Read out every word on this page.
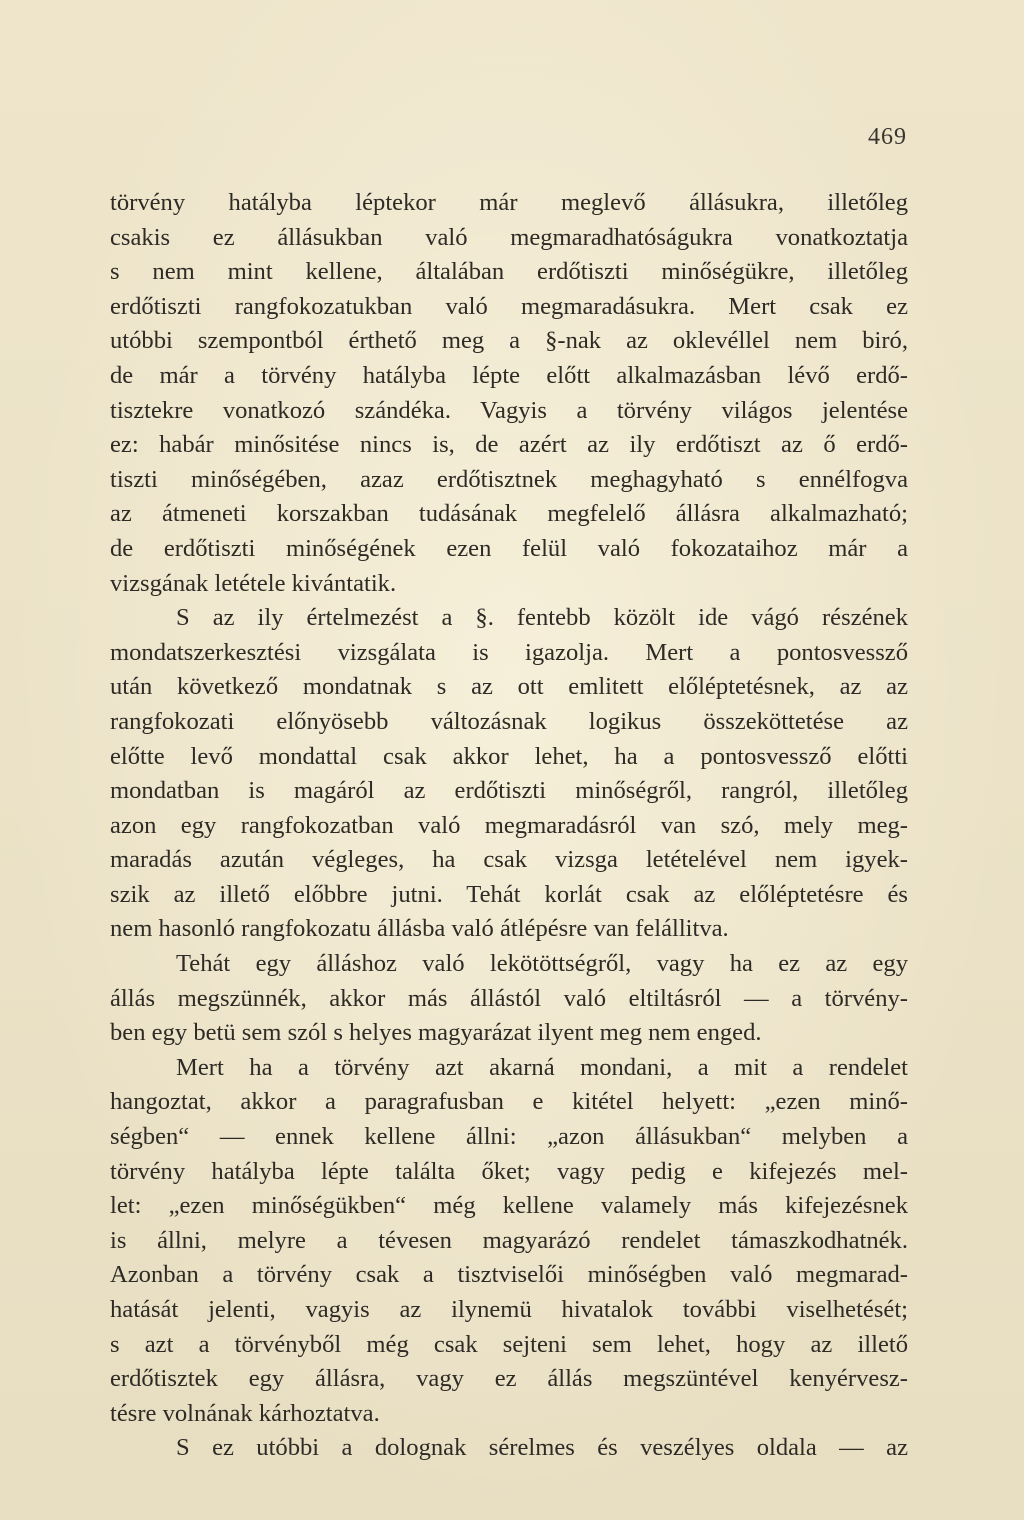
469
törvény hatályba léptekor már meglevő állásukra, illetőleg
csakis ez állásukban való megmaradhatóságukra vonatkoztatja
s nem mint kellene, általában erdőtiszti minőségükre, illetőleg
erdőtiszti rangfokozatukban való megmaradásukra. Mert csak ez
utóbbi szempontból érthető meg a §-nak az oklevéllel nem biró,
de már a törvény hatályba lépte előtt alkalmazásban lévő erdő-
tisztekre vonatkozó szándéka. Vagyis a törvény világos jelentése
ez: habár minősitése nincs is, de azért az ily erdőtiszt az ő erdő-
tiszti minőségében, azaz erdőtisztnek meghagyható s ennélfogva
az átmeneti korszakban tudásának megfelelő állásra alkalmazható;
de erdőtiszti minőségének ezen felül való fokozataihoz már a
vizsgának letétele kivántatik.
S az ily értelmezést a §. fentebb közölt ide vágó részének
mondatszerkesztési vizsgálata is igazolja. Mert a pontosvessző
után következő mondatnak s az ott emlitett előléptetésnek, az az
rangfokozati előnyösebb változásnak logikus összeköttetése az
előtte levő mondattal csak akkor lehet, ha a pontosvessző előtti
mondatban is magáról az erdőtiszti minőségről, rangról, illetőleg
azon egy rangfokozatban való megmaradásról van szó, mely meg-
maradás azután végleges, ha csak vizsga letételével nem igyek-
szik az illető előbbre jutni. Tehát korlát csak az előléptetésre és
nem hasonló rangfokozatu állásba való átlépésre van felállitva.
Tehát egy álláshoz való lekötöttségről, vagy ha ez az egy
állás megszünnék, akkor más állástól való eltiltásról — a törvény-
ben egy betü sem szól s helyes magyarázat ilyent meg nem enged.
Mert ha a törvény azt akarná mondani, a mit a rendelet
hangoztat, akkor a paragrafusban e kitétel helyett: „ezen minő-
ségben“ — ennek kellene állni: „azon állásukban“ melyben a
törvény hatályba lépte találta őket; vagy pedig e kifejezés mel-
let: „ezen minőségükben“ még kellene valamely más kifejezésnek
is állni, melyre a tévesen magyarázó rendelet támaszkodhatnék.
Azonban a törvény csak a tisztviselői minőségben való megmarad-
hatását jelenti, vagyis az ilynemü hivatalok további viselhetését;
s azt a törvényből még csak sejteni sem lehet, hogy az illető
erdőtisztek egy állásra, vagy ez állás megszüntével kenyérvesz-
tésre volnának kárhoztatva.
S ez utóbbi a dolognak sérelmes és veszélyes oldala — az
